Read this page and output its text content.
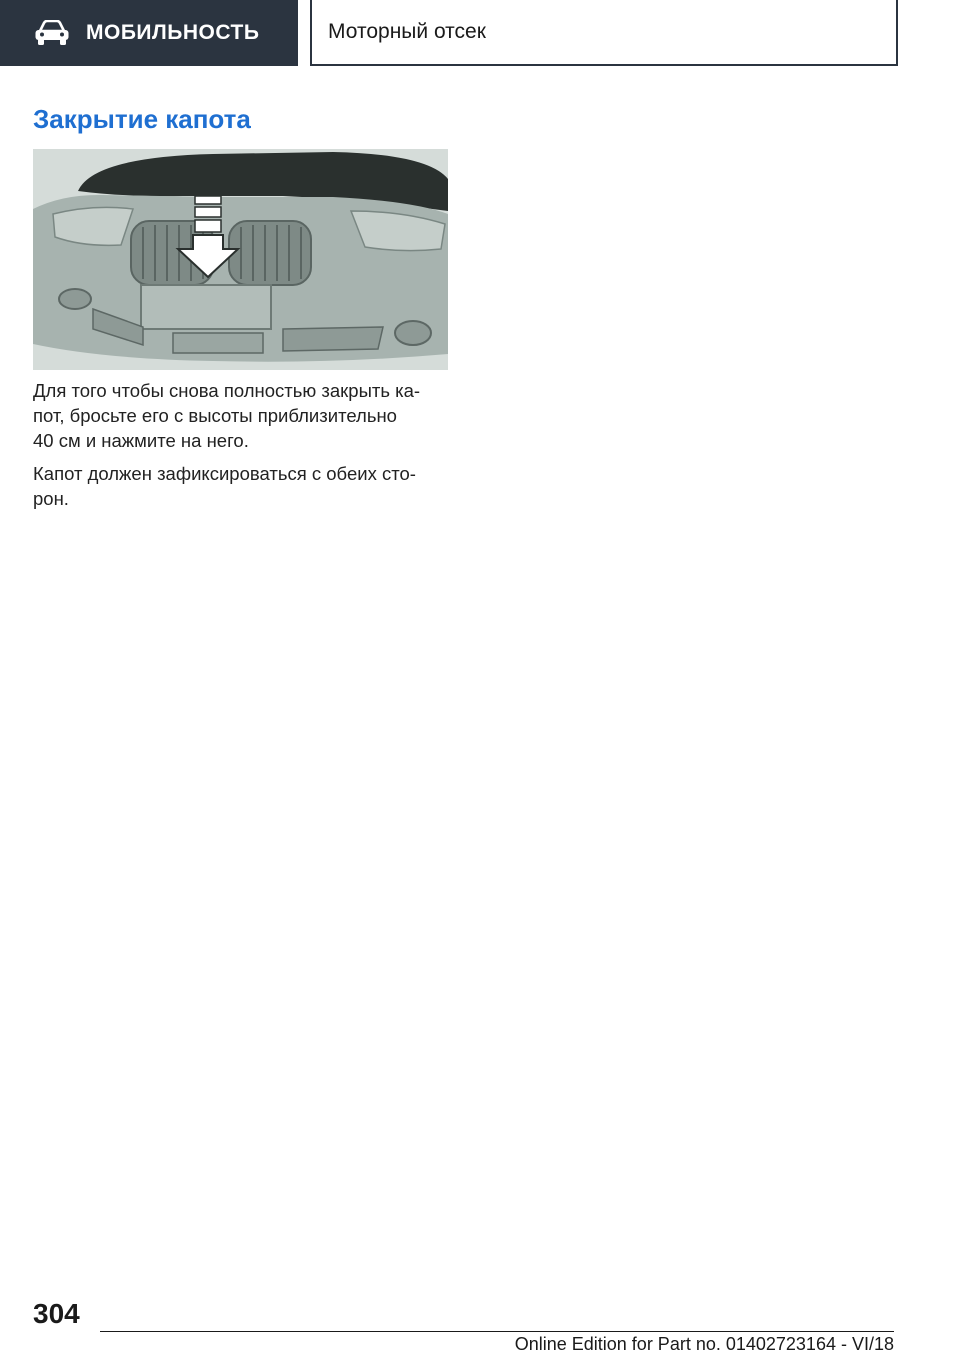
МОБИЛЬНОСТЬ	Моторный отсек
Закрытие капота

Для того чтобы снова полностью закрыть ка‐
пот, бросьте его с высоты приблизительно
40 см и нажмите на него.

Капот должен зафиксироваться с обеих сто‐
рон.

304
Online Edition for Part no. 01402723164 - VI/18
